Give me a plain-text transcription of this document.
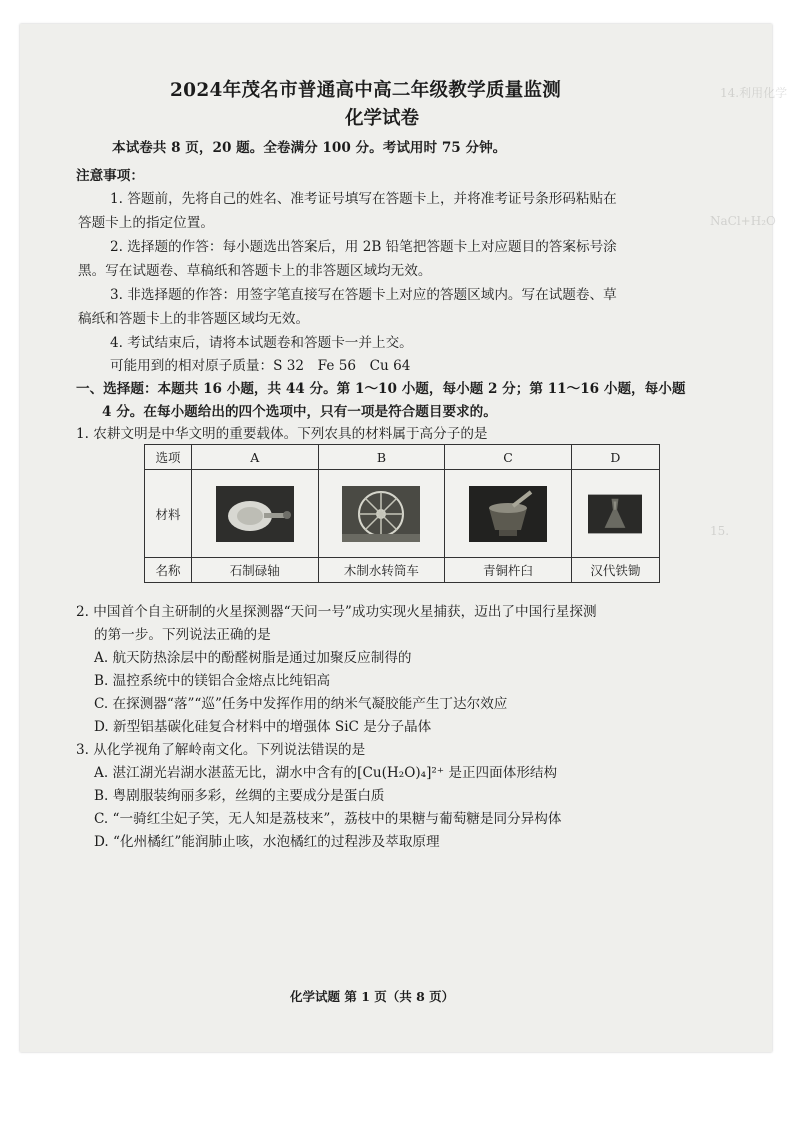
14.利用化学
NaCl+H₂O
15.
2024年茂名市普通高中高二年级教学质量监测
化学试卷
本试卷共 8 页，20 题。全卷满分 100 分。考试用时 75 分钟。
注意事项：
1. 答题前，先将自己的姓名、准考证号填写在答题卡上，并将准考证号条形码粘贴在
答题卡上的指定位置。
2. 选择题的作答：每小题选出答案后，用 2B 铅笔把答题卡上对应题目的答案标号涂
黑。写在试题卷、草稿纸和答题卡上的非答题区域均无效。
3. 非选择题的作答：用签字笔直接写在答题卡上对应的答题区域内。写在试题卷、草
稿纸和答题卡上的非答题区域均无效。
4. 考试结束后，请将本试题卷和答题卡一并上交。
可能用到的相对原子质量：S 32　Fe 56　Cu 64
一、选择题：本题共 16 小题，共 44 分。第 1～10 小题，每小题 2 分；第 11～16 小题，每小题
4 分。在每小题给出的四个选项中，只有一项是符合题目要求的。
1. 农耕文明是中华文明的重要载体。下列农具的材料属于高分子的是
选项	A	B	C	D
材料				
名称	石制碌轴	木制水转筒车	青铜杵臼	汉代铁锄
2. 中国首个自主研制的火星探测器“天问一号”成功实现火星捕获，迈出了中国行星探测
的第一步。下列说法正确的是
A. 航天防热涂层中的酚醛树脂是通过加聚反应制得的
B. 温控系统中的镁铝合金熔点比纯铝高
C. 在探测器“落”“巡”任务中发挥作用的纳米气凝胶能产生丁达尔效应
D. 新型铝基碳化硅复合材料中的增强体 SiC 是分子晶体
3. 从化学视角了解岭南文化。下列说法错误的是
A. 湛江湖光岩湖水湛蓝无比，湖水中含有的[Cu(H₂O)₄]²⁺ 是正四面体形结构
B. 粤剧服装绚丽多彩，丝绸的主要成分是蛋白质
C. “一骑红尘妃子笑，无人知是荔枝来”，荔枝中的果糖与葡萄糖是同分异构体
D. “化州橘红”能润肺止咳，水泡橘红的过程涉及萃取原理
化学试题 第 1 页（共 8 页）
